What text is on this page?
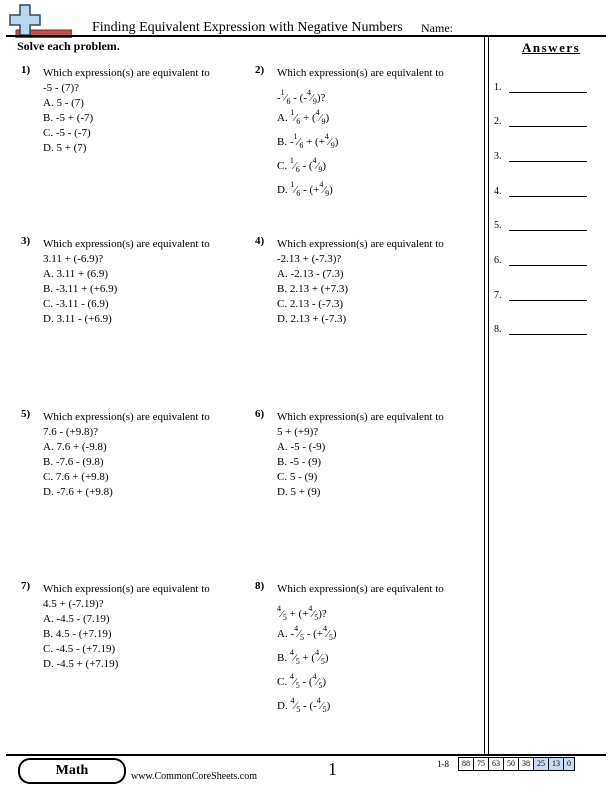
Finding Equivalent Expression with Negative Numbers Name:
Solve each problem.	Answers
1.
2.
3.
4.
5.
6.
7.
8.
1) Which expression(s) are equivalent to
-5 - (7)?
A. 5 - (7)
B. -5 + (-7)
C. -5 - (-7)
D. 5 + (7)
2) Which expression(s) are equivalent to
$-^1⁄_6$ - $(-^4⁄_9)$?
A. $^1⁄_6$ + $(^4⁄_9)$
B. $-^1⁄_6$ + $(+^4⁄_9)$
C. $^1⁄_6$ - $(^4⁄_9)$
D. $^1⁄_6$ - $(+^4⁄_9)$
3) Which expression(s) are equivalent to
3.11 + (-6.9)?
A. 3.11 + (6.9)
B. -3.11 + (+6.9)
C. -3.11 - (6.9)
D. 3.11 - (+6.9)
4) Which expression(s) are equivalent to
-2.13 + (-7.3)?
A. -2.13 - (7.3)
B. 2.13 + (+7.3)
C. 2.13 - (-7.3)
D. 2.13 + (-7.3)
5) Which expression(s) are equivalent to
7.6 - (+9.8)?
A. 7.6 + (-9.8)
B. -7.6 - (9.8)
C. 7.6 + (+9.8)
D. -7.6 + (+9.8)
6) Which expression(s) are equivalent to
5 + (+9)?
A. -5 - (-9)
B. -5 - (9)
C. 5 - (9)
D. 5 + (9)
7) Which expression(s) are equivalent to
4.5 + (-7.19)?
A. -4.5 - (7.19)
B. 4.5 - (+7.19)
C. -4.5 - (+7.19)
D. -4.5 + (+7.19)
8) Which expression(s) are equivalent to
$^4⁄_5$ + $(+^4⁄_5)$?
A. $-^4⁄_5$ - $(+^4⁄_5)$
B. $^4⁄_5$ + $(^4⁄_5)$
C. $^4⁄_5$ - $(^4⁄_5)$
D. $^4⁄_5$ - $(-^4⁄_5)$
Math	www.CommonCoreSheets.com	1	1-8	88 75 63 50 38 25 13 0
